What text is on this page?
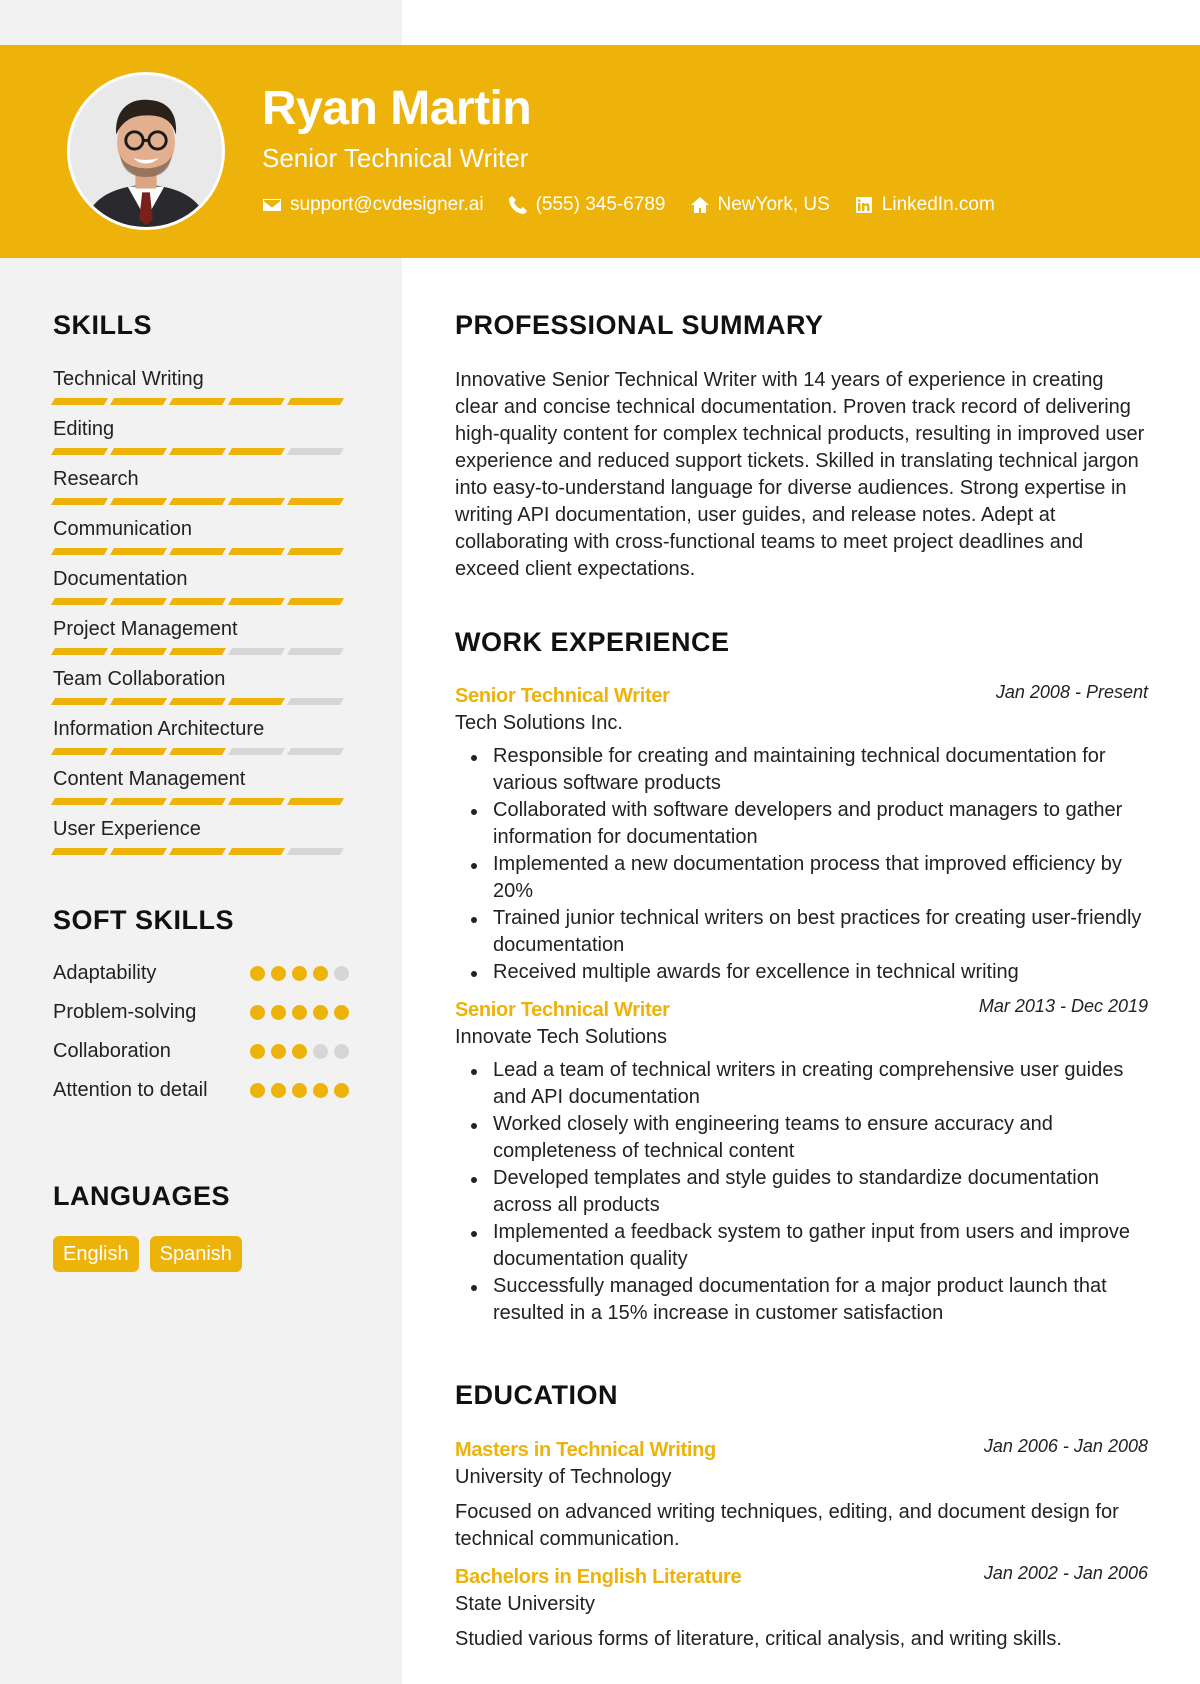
Ryan Martin
Senior Technical Writer
support@cvdesigner.ai	(555) 345-6789	NewYork, US	LinkedIn.com
SKILLS
Technical Writing
Editing
Research
Communication
Documentation
Project Management
Team Collaboration
Information Architecture
Content Management
User Experience
SOFT SKILLS
Adaptability
Problem-solving
Collaboration
Attention to detail
LANGUAGES
English	Spanish
PROFESSIONAL SUMMARY

Innovative Senior Technical Writer with 14 years of experience in creating clear and concise technical documentation. Proven track record of delivering high-quality content for complex technical products, resulting in improved user experience and reduced support tickets. Skilled in translating technical jargon into easy-to-understand language for diverse audiences. Strong expertise in writing API documentation, user guides, and release notes. Adept at collaborating with cross-functional teams to meet project deadlines and exceed client expectations.

WORK EXPERIENCE
Senior Technical Writer	Jan 2008 - Present
Tech Solutions Inc.
Responsible for creating and maintaining technical documentation for various software products
Collaborated with software developers and product managers to gather information for documentation
Implemented a new documentation process that improved efficiency by 20%
Trained junior technical writers on best practices for creating user-friendly documentation
Received multiple awards for excellence in technical writing
Senior Technical Writer	Mar 2013 - Dec 2019
Innovate Tech Solutions
Lead a team of technical writers in creating comprehensive user guides and API documentation
Worked closely with engineering teams to ensure accuracy and completeness of technical content
Developed templates and style guides to standardize documentation across all products
Implemented a feedback system to gather input from users and improve documentation quality
Successfully managed documentation for a major product launch that resulted in a 15% increase in customer satisfaction
EDUCATION
Masters in Technical Writing	Jan 2006 - Jan 2008
University of Technology

Focused on advanced writing techniques, editing, and document design for technical communication.

Bachelors in English Literature	Jan 2002 - Jan 2006
State University

Studied various forms of literature, critical analysis, and writing skills.
